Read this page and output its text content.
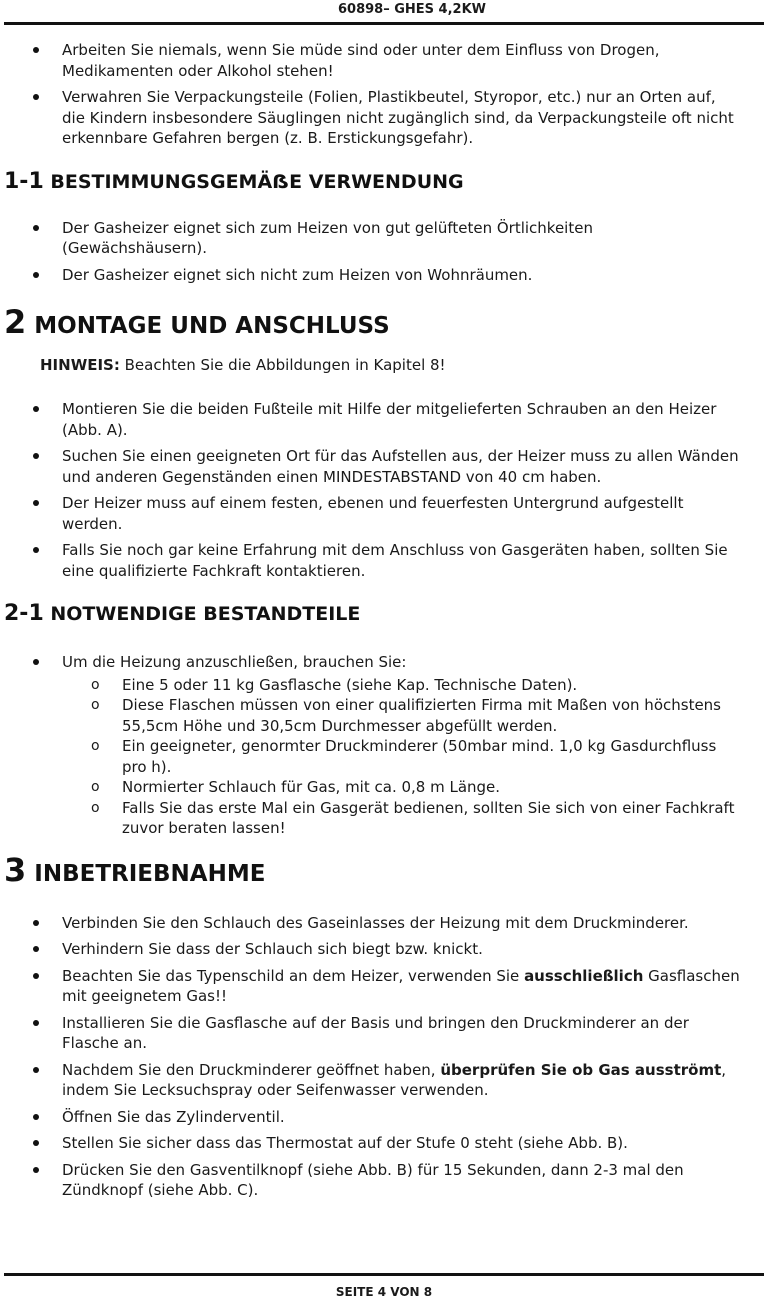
60898– GHES 4,2KW
Arbeiten Sie niemals, wenn Sie müde sind oder unter dem Einfluss von Drogen, Medikamenten oder Alkohol stehen!
Verwahren Sie Verpackungsteile (Folien, Plastikbeutel, Styropor, etc.) nur an Orten auf, die Kindern insbesondere Säuglingen nicht zugänglich sind, da Verpackungsteile oft nicht erkennbare Gefahren bergen (z. B. Erstickungsgefahr).
1-1 BESTIMMUNGSGEMÄẞE VERWENDUNG
Der Gasheizer eignet sich zum Heizen von gut gelüfteten Örtlichkeiten (Gewächshäusern).
Der Gasheizer eignet sich nicht zum Heizen von Wohnräumen.
2 MONTAGE UND ANSCHLUSS
HINWEIS: Beachten Sie die Abbildungen in Kapitel 8!
Montieren Sie die beiden Fußteile mit Hilfe der mitgelieferten Schrauben an den Heizer (Abb. A).
Suchen Sie einen geeigneten Ort für das Aufstellen aus, der Heizer muss zu allen Wänden und anderen Gegenständen einen MINDESTABSTAND von 40 cm haben.
Der Heizer muss auf einem festen, ebenen und feuerfesten Untergrund aufgestellt werden.
Falls Sie noch gar keine Erfahrung mit dem Anschluss von Gasgeräten haben, sollten Sie eine qualifizierte Fachkraft kontaktieren.
2-1 NOTWENDIGE BESTANDTEILE
Um die Heizung anzuschließen, brauchen Sie:
o Eine 5 oder 11 kg Gasflasche (siehe Kap. Technische Daten).
o Diese Flaschen müssen von einer qualifizierten Firma mit Maßen von höchstens 55,5cm Höhe und 30,5cm Durchmesser abgefüllt werden.
o Ein geeigneter, genormter Druckminderer (50mbar mind. 1,0 kg Gasdurchfluss pro h).
o Normierter Schlauch für Gas, mit ca. 0,8 m Länge.
o Falls Sie das erste Mal ein Gasgerät bedienen, sollten Sie sich von einer Fachkraft zuvor beraten lassen!
3 INBETRIEBNAHME
Verbinden Sie den Schlauch des Gaseinlasses der Heizung mit dem Druckminderer.
Verhindern Sie dass der Schlauch sich biegt bzw. knickt.
Beachten Sie das Typenschild an dem Heizer, verwenden Sie ausschließlich Gasflaschen mit geeignetem Gas!!
Installieren Sie die Gasflasche auf der Basis und bringen den Druckminderer an der Flasche an.
Nachdem Sie den Druckminderer geöffnet haben, überprüfen Sie ob Gas ausströmt, indem Sie Lecksuchspray oder Seifenwasser verwenden.
Öffnen Sie das Zylinderventil.
Stellen Sie sicher dass das Thermostat auf der Stufe 0 steht (siehe Abb. B).
Drücken Sie den Gasventilknopf (siehe Abb. B) für 15 Sekunden, dann 2-3 mal den Zündknopf (siehe Abb. C).
SEITE 4 VON 8
